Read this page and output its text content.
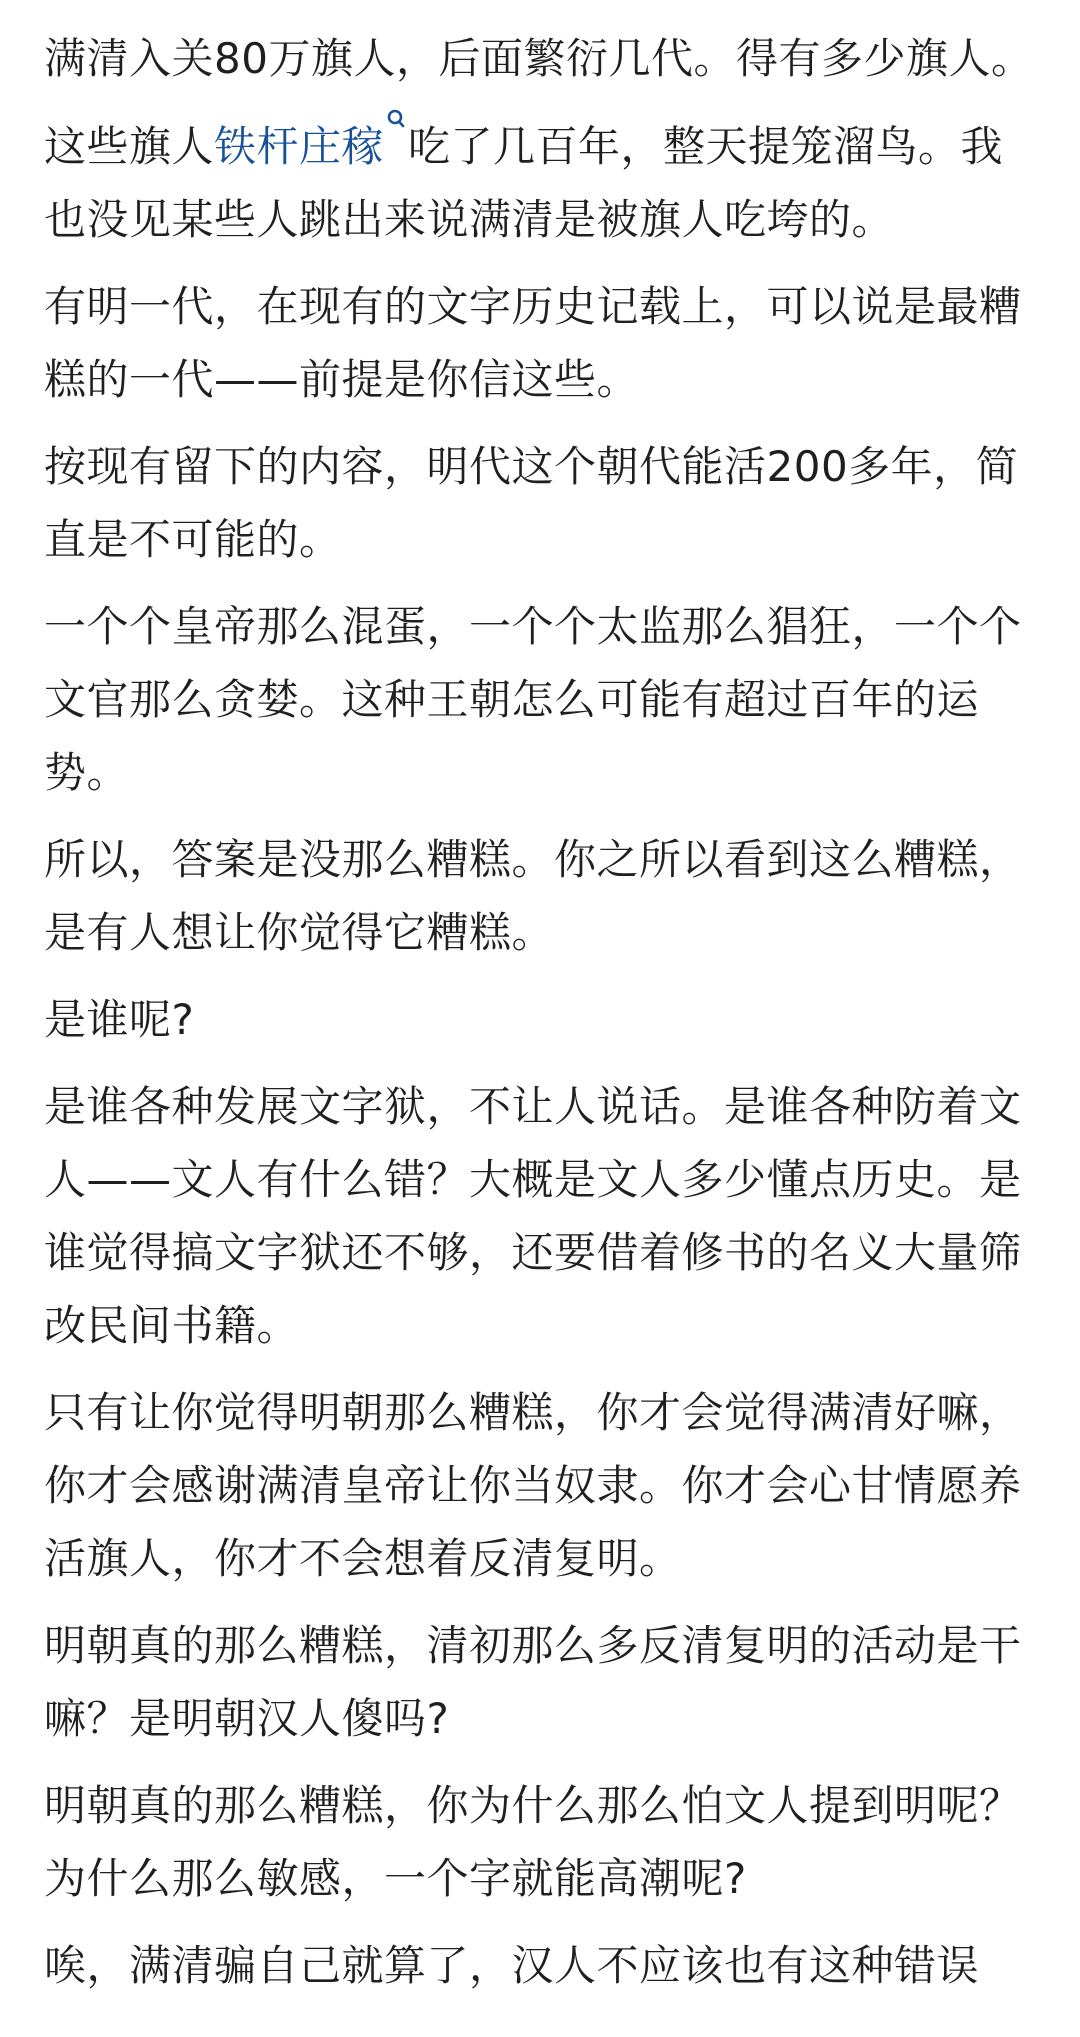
满清入关80万旗人，后面繁衍几代。得有多少旗人。

这些旗人铁杆庄稼 吃了几百年，整天提笼溜鸟。我也没见某些人跳出来说满清是被旗人吃垮的。

有明一代，在现有的文字历史记载上，可以说是最糟糕的一代——前提是你信这些。

按现有留下的内容，明代这个朝代能活200多年，简直是不可能的。

一个个皇帝那么混蛋，一个个太监那么猖狂，一个个文官那么贪婪。这种王朝怎么可能有超过百年的运势。

所以，答案是没那么糟糕。你之所以看到这么糟糕，是有人想让你觉得它糟糕。

是谁呢?

是谁各种发展文字狱，不让人说话。是谁各种防着文人——文人有什么错？大概是文人多少懂点历史。是谁觉得搞文字狱还不够，还要借着修书的名义大量筛改民间书籍。

只有让你觉得明朝那么糟糕，你才会觉得满清好嘛，你才会感谢满清皇帝让你当奴隶。你才会心甘情愿养活旗人，你才不会想着反清复明。

明朝真的那么糟糕，清初那么多反清复明的活动是干嘛？是明朝汉人傻吗?

明朝真的那么糟糕，你为什么那么怕文人提到明呢？为什么那么敏感，一个字就能高潮呢?

唉，满清骗自己就算了，汉人不应该也有这种错误
